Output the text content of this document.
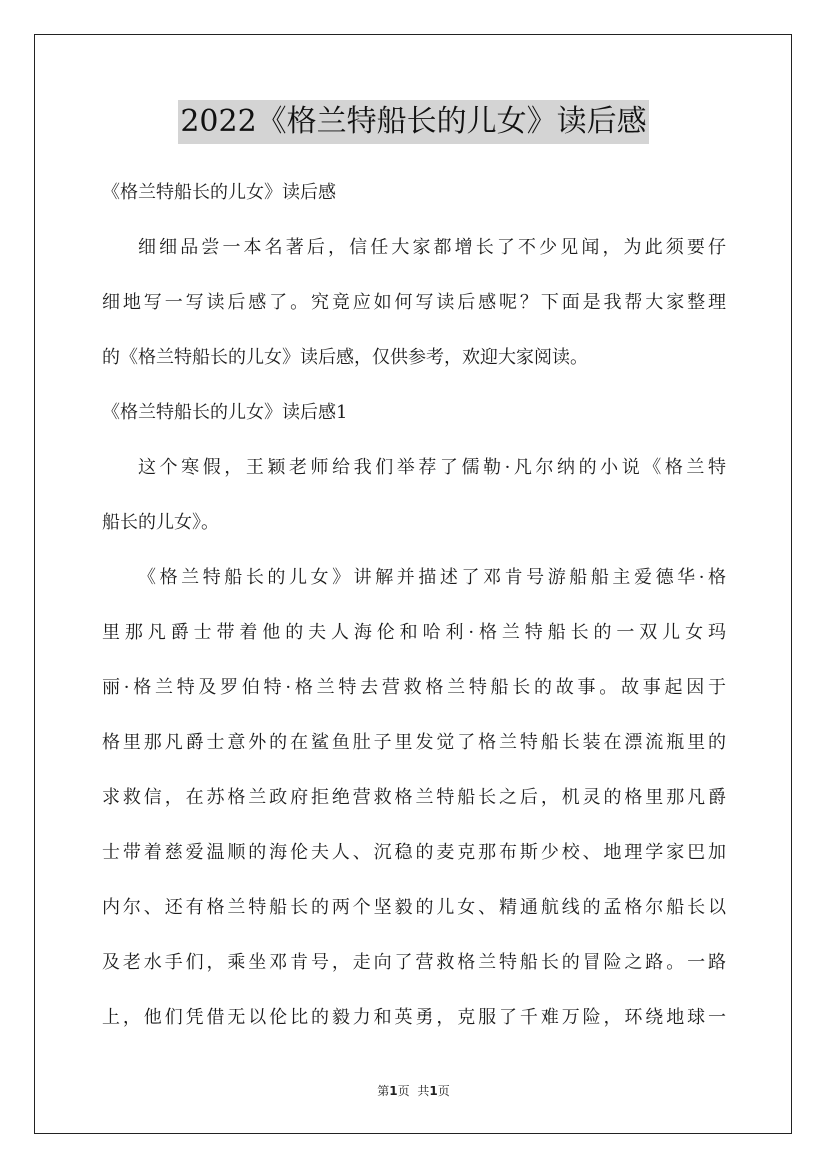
2022《格兰特船长的儿女》读后感
《格兰特船长的儿女》读后感
细细品尝一本名著后，信任大家都增长了不少见闻，为此须要仔
细地写一写读后感了。究竟应如何写读后感呢？下面是我帮大家整理
的《格兰特船长的儿女》读后感，仅供参考，欢迎大家阅读。
《格兰特船长的儿女》读后感1
这个寒假，王颖老师给我们举荐了儒勒·凡尔纳的小说《格兰特
船长的儿女》。
《格兰特船长的儿女》讲解并描述了邓肯号游船船主爱德华·格
里那凡爵士带着他的夫人海伦和哈利·格兰特船长的一双儿女玛
丽·格兰特及罗伯特·格兰特去营救格兰特船长的故事。故事起因于
格里那凡爵士意外的在鲨鱼肚子里发觉了格兰特船长装在漂流瓶里的
求救信，在苏格兰政府拒绝营救格兰特船长之后，机灵的格里那凡爵
士带着慈爱温顺的海伦夫人、沉稳的麦克那布斯少校、地理学家巴加
内尔、还有格兰特船长的两个坚毅的儿女、精通航线的孟格尔船长以
及老水手们，乘坐邓肯号，走向了营救格兰特船长的冒险之路。一路
上，他们凭借无以伦比的毅力和英勇，克服了千难万险，环绕地球一
第1页 共1页
